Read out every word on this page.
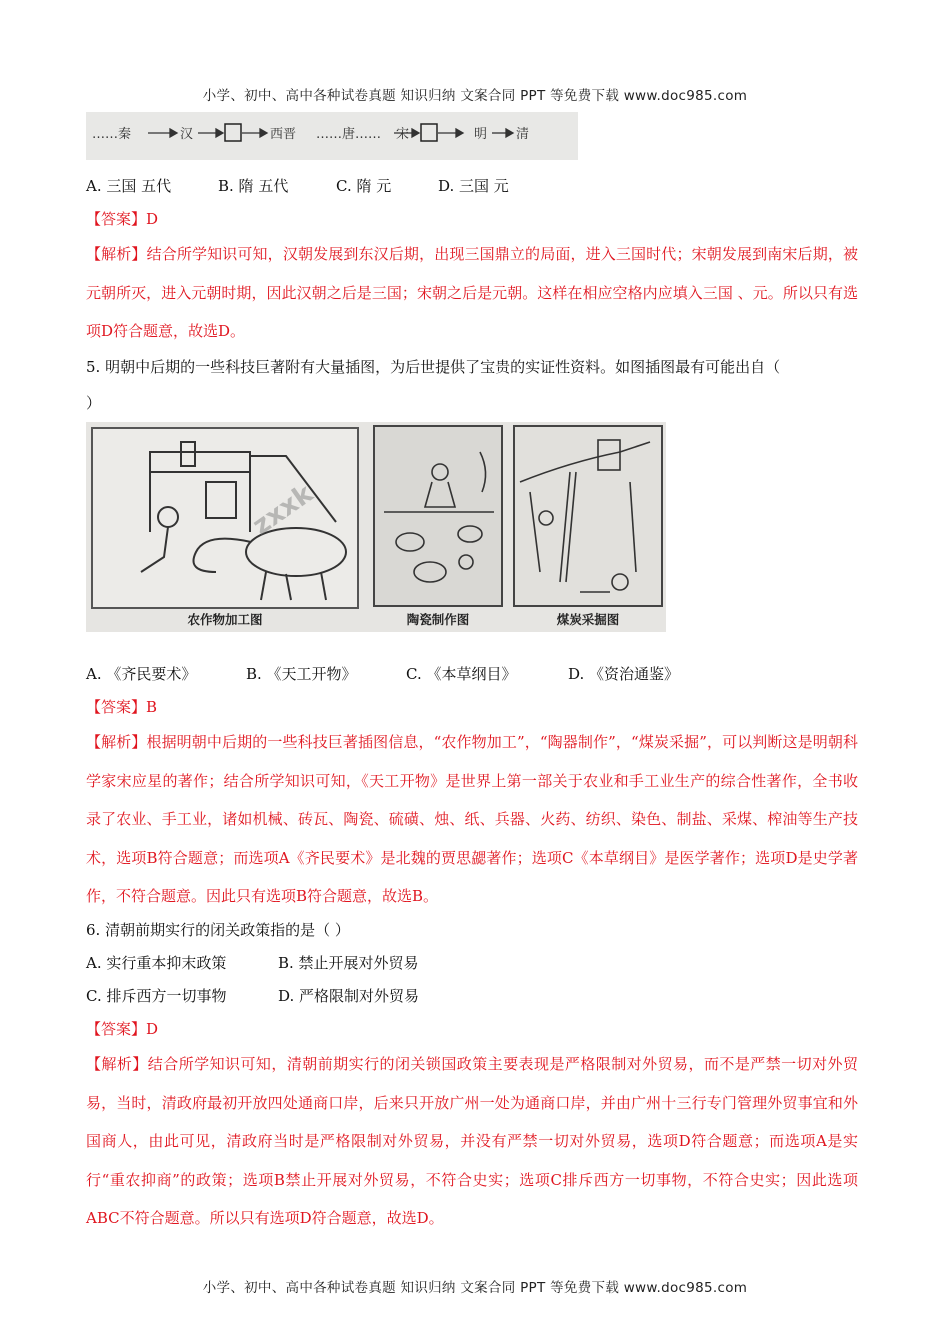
小学、初中、高中各种试卷真题 知识归纳 文案合同 PPT 等免费下载 www.doc985.com
……秦	汉	西晋 ……唐…… 宋	明 清
A. 三国 五代	B. 隋 五代	C. 隋 元	D. 三国 元
【答案】D
【解析】结合所学知识可知，汉朝发展到东汉后期，出现三国鼎立的局面，进入三国时代；宋朝发展到南宋后期，被元朝所灭，进入元朝时期，因此汉朝之后是三国；宋朝之后是元朝。这样在相应空格内应填入三国 、元。所以只有选项D符合题意，故选D。
5. 明朝中后期的一些科技巨著附有大量插图，为后世提供了宝贵的实证性资料。如图插图最有可能出自（
）
农作物加工图	陶瓷制作图	煤炭采掘图
zxxk
A. 《齐民要术》	B. 《天工开物》	C. 《本草纲目》	D. 《资治通鉴》
【答案】B
【解析】根据明朝中后期的一些科技巨著插图信息，“农作物加工”，“陶器制作”，“煤炭采掘”，可以判断这是明朝科学家宋应星的著作；结合所学知识可知，《天工开物》是世界上第一部关于农业和手工业生产的综合性著作，全书收录了农业、手工业，诸如机械、砖瓦、陶瓷、硫磺、烛、纸、兵器、火药、纺织、染色、制盐、采煤、榨油等生产技术，选项B符合题意；而选项A《齐民要术》是北魏的贾思勰著作；选项C《本草纲目》是医学著作；选项D是史学著作，不符合题意。因此只有选项B符合题意，故选B。
6. 清朝前期实行的闭关政策指的是（ ）
A. 实行重本抑末政策	B. 禁止开展对外贸易
C. 排斥西方一切事物	D. 严格限制对外贸易
【答案】D
【解析】结合所学知识可知，清朝前期实行的闭关锁国政策主要表现是严格限制对外贸易，而不是严禁一切对外贸易，当时，清政府最初开放四处通商口岸，后来只开放广州一处为通商口岸，并由广州十三行专门管理外贸事宜和外国商人，由此可见，清政府当时是严格限制对外贸易，并没有严禁一切对外贸易，选项D符合题意；而选项A是实行“重农抑商”的政策；选项B禁止开展对外贸易，不符合史实；选项C排斥西方一切事物，不符合史实；因此选项ABC不符合题意。所以只有选项D符合题意，故选D。
小学、初中、高中各种试卷真题 知识归纳 文案合同 PPT 等免费下载 www.doc985.com
